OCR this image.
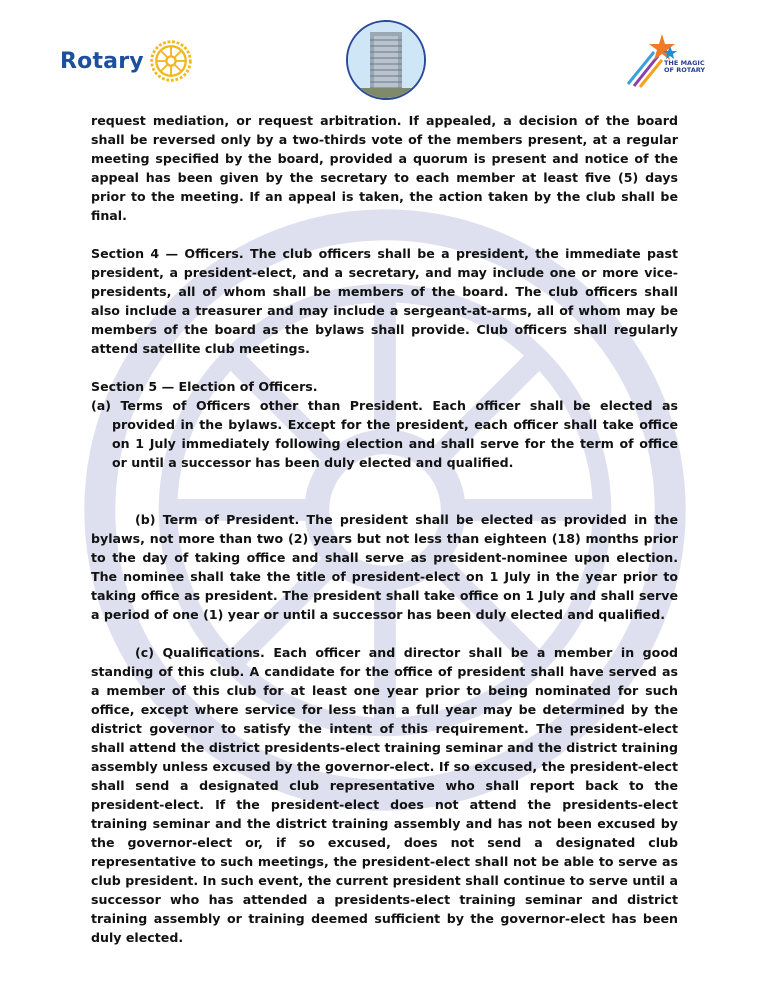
Rotary	THE MAGIC
OF ROTARY

request mediation, or request arbitration. If appealed, a decision of the board shall be reversed only by a two-thirds vote of the members present, at a regular meeting specified by the board, provided a quorum is present and notice of the appeal has been given by the secretary to each member at least five (5) days prior to the meeting. If an appeal is taken, the action taken by the club shall be final.

Section 4 — Officers. The club officers shall be a president, the immediate past president, a president-elect, and a secretary, and may include one or more vice-presidents, all of whom shall be members of the board. The club officers shall also include a treasurer and may include a sergeant-at-arms, all of whom may be members of the board as the bylaws shall provide. Club officers shall regularly attend satellite club meetings.

Section 5 — Election of Officers.

(a) Terms of Officers other than President. Each officer shall be elected as provided in the bylaws. Except for the president, each officer shall take office on 1 July immediately following election and shall serve for the term of office or until a successor has been duly elected and qualified.

(b) Term of President. The president shall be elected as provided in the bylaws, not more than two (2) years but not less than eighteen (18) months prior to the day of taking office and shall serve as president-nominee upon election. The nominee shall take the title of president-elect on 1 July in the year prior to taking office as president. The president shall take office on 1 July and shall serve a period of one (1) year or until a successor has been duly elected and qualified.

(c) Qualifications. Each officer and director shall be a member in good standing of this club. A candidate for the office of president shall have served as a member of this club for at least one year prior to being nominated for such office, except where service for less than a full year may be determined by the district governor to satisfy the intent of this requirement. The president-elect shall attend the district presidents-elect training seminar and the district training assembly unless excused by the governor-elect. If so excused, the president-elect shall send a designated club representative who shall report back to the president-elect. If the president-elect does not attend the presidents-elect training seminar and the district training assembly and has not been excused by the governor-elect or, if so excused, does not send a designated club representative to such meetings, the president-elect shall not be able to serve as club president. In such event, the current president shall continue to serve until a successor who has attended a presidents-elect training seminar and district training assembly or training deemed sufficient by the governor-elect has been duly elected.
